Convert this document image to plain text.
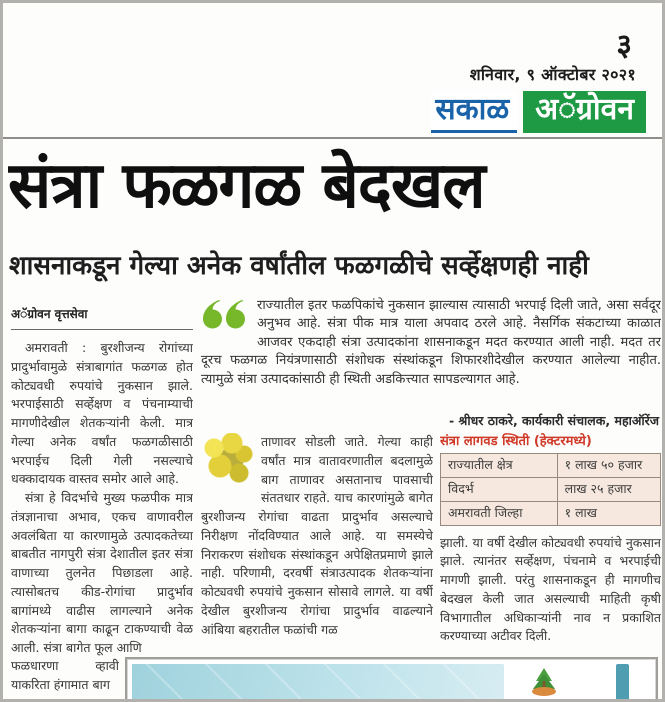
३
शनिवार, ९ ऑक्टोबर २०२१
सकाळ अॅग्रोवन
संत्रा फळगळ बेदखल
शासनाकडून गेल्या अनेक वर्षांतील फळगळीचे सर्व्हेक्षणही नाही
अॅग्रोवन वृत्तसेवा

अमरावती : बुरशीजन्य रोगांच्या प्रादुर्भावामुळे संत्राबागांत फळगळ होत कोट्यवधी रुपयांचे नुकसान झाले. भरपाईसाठी सर्व्हेक्षण व पंचनाम्याची मागणीदेखील शेतकऱ्यांनी केली. मात्र गेल्या अनेक वर्षांत फळगळीसाठी भरपाईच दिली गेली नसल्याचे धक्कादायक वास्तव समोर आले आहे.

संत्रा हे विदर्भाचे मुख्य फळपीक मात्र तंत्रज्ञानाचा अभाव, एकच वाणावरील अवलंबिता या कारणामुळे उत्पादकतेच्या बाबतीत नागपुरी संत्रा देशातील इतर संत्रा वाणाच्या तुलनेत पिछाडला आहे. त्यासोबतच कीड-रोगांचा प्रादुर्भाव बागांमध्ये वाढीस लागल्याने अनेक शेतकऱ्यांना बागा काढून टाकण्याची वेळ आली. संत्रा बागेत फूल आणि

फळधारणा व्हावी याकरिता हंगामात बाग
राज्यातील इतर फळपिकांचे नुकसान झाल्यास त्यासाठी भरपाई दिली जाते, असा सर्वदूर अनुभव आहे. संत्रा पीक मात्र याला अपवाद ठरले आहे. नैसर्गिक संकटाच्या काळात आजवर एकदाही संत्रा उत्पादकांना शासनाकडून मदत करण्यात आली नाही. मदत तर दूरच फळगळ नियंत्रणासाठी संशोधक संस्थांकडून शिफारशीदेखील करण्यात आलेल्या नाहीत. त्यामुळे संत्रा उत्पादकांसाठी ही स्थिती अडकित्त्यात सापडल्यागत आहे.
- श्रीधर ठाकरे, कार्यकारी संचालक, महाऑरेंज
ताणावर सोडली जाते. गेल्या काही वर्षांत मात्र वातावरणातील बदलामुळे बाग ताणावर असतानाच पावसाची संततधार राहते. याच कारणांमुळे बागेत बुरशीजन्य रोगांचा वाढता प्रादुर्भाव असल्याचे निरीक्षण नोंदविण्यात आले आहे. या समस्येचे निराकरण संशोधक संस्थांकडून अपेक्षितप्रमाणे झाले नाही. परिणामी, दरवर्षी संत्राउत्पादक शेतकऱ्यांना कोट्यवधी रुपयांचे नुकसान सोसावे लागले. या वर्षी देखील बुरशीजन्य रोगांचा प्रादुर्भाव वाढल्याने आंबिया बहरातील फळांची गळ
संत्रा लागवड स्थिती (हेक्टरमध्ये)
राज्यातील क्षेत्र	१ लाख ५० हजार
विदर्भ	लाख २५ हजार
अमरावती जिल्हा	१ लाख
झाली. या वर्षी देखील कोट्यवधी रुपयांचे नुकसान झाले. त्यानंतर सर्व्हेक्षण, पंचनामे व भरपाईची मागणी झाली. परंतु शासनाकडून ही मागणीच बेदखल केली जात असल्याची माहिती कृषी विभागातील अधिकाऱ्यांनी नाव न प्रकाशित करण्याच्या अटीवर दिली.
